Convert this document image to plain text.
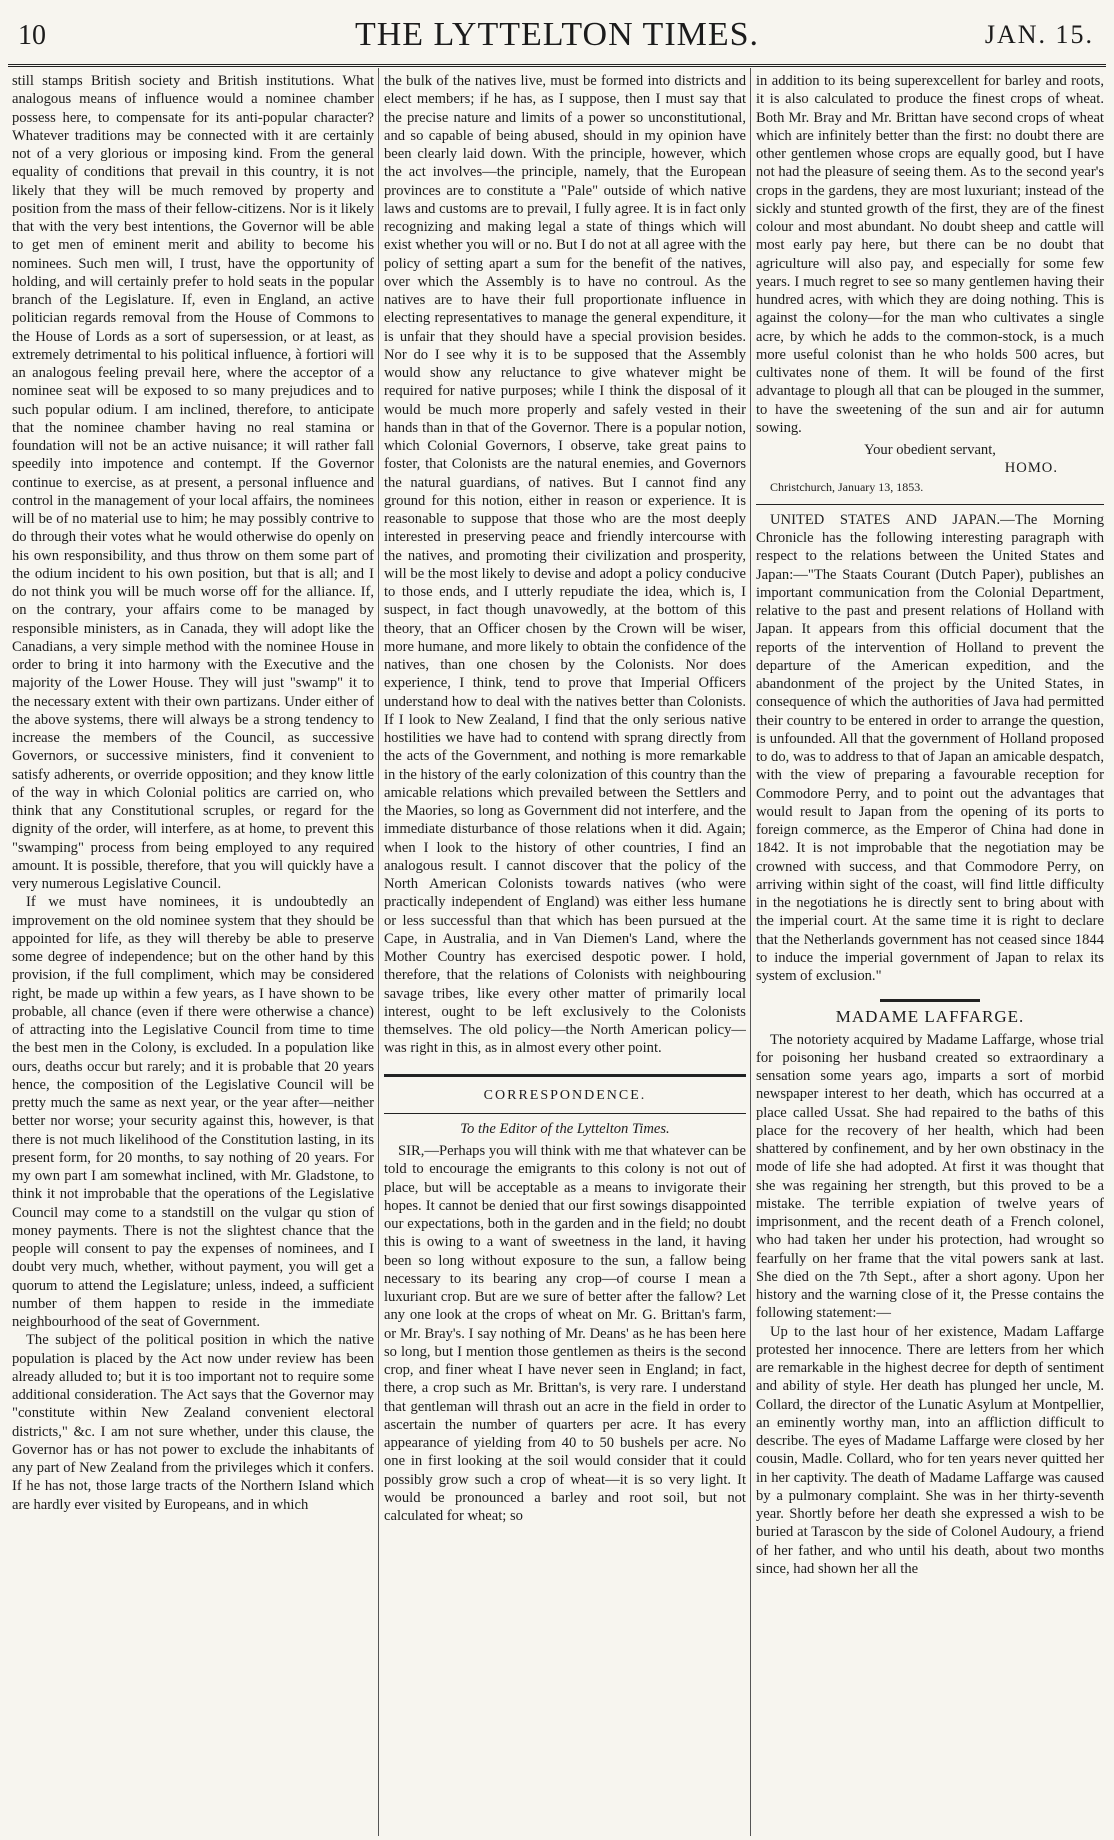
10	THE LYTTELTON TIMES.	JAN. 15.

still stamps British society and British institutions. What analogous means of influence would a nominee chamber possess here, to compensate for its anti-popular character? Whatever traditions may be connected with it are certainly not of a very glorious or imposing kind. From the general equality of conditions that prevail in this country, it is not likely that they will be much removed by property and position from the mass of their fellow-citizens. Nor is it likely that with the very best intentions, the Governor will be able to get men of eminent merit and ability to become his nominees. Such men will, I trust, have the opportunity of holding, and will certainly prefer to hold seats in the popular branch of the Legislature. If, even in England, an active politician regards removal from the House of Commons to the House of Lords as a sort of supersession, or at least, as extremely detrimental to his political influence, à fortiori will an analogous feeling prevail here, where the acceptor of a nominee seat will be exposed to so many prejudices and to such popular odium. I am inclined, therefore, to anticipate that the nominee chamber having no real stamina or foundation will not be an active nuisance; it will rather fall speedily into impotence and contempt. If the Governor continue to exercise, as at present, a personal influence and control in the management of your local affairs, the nominees will be of no material use to him; he may possibly contrive to do through their votes what he would otherwise do openly on his own responsibility, and thus throw on them some part of the odium incident to his own position, but that is all; and I do not think you will be much worse off for the alliance. If, on the contrary, your affairs come to be managed by responsible ministers, as in Canada, they will adopt like the Canadians, a very simple method with the nominee House in order to bring it into harmony with the Executive and the majority of the Lower House. They will just "swamp" it to the necessary extent with their own partizans. Under either of the above systems, there will always be a strong tendency to increase the members of the Council, as successive Governors, or successive ministers, find it convenient to satisfy adherents, or override opposition; and they know little of the way in which Colonial politics are carried on, who think that any Constitutional scruples, or regard for the dignity of the order, will interfere, as at home, to prevent this "swamping" process from being employed to any required amount. It is possible, therefore, that you will quickly have a very numerous Legislative Council.

If we must have nominees, it is undoubtedly an improvement on the old nominee system that they should be appointed for life, as they will thereby be able to preserve some degree of independence; but on the other hand by this provision, if the full compliment, which may be considered right, be made up within a few years, as I have shown to be probable, all chance (even if there were otherwise a chance) of attracting into the Legislative Council from time to time the best men in the Colony, is excluded. In a population like ours, deaths occur but rarely; and it is probable that 20 years hence, the composition of the Legislative Council will be pretty much the same as next year, or the year after—neither better nor worse; your security against this, however, is that there is not much likelihood of the Constitution lasting, in its present form, for 20 months, to say nothing of 20 years. For my own part I am somewhat inclined, with Mr. Gladstone, to think it not improbable that the operations of the Legislative Council may come to a standstill on the vulgar qu stion of money payments. There is not the slightest chance that the people will consent to pay the expenses of nominees, and I doubt very much, whether, without payment, you will get a quorum to attend the Legislature; unless, indeed, a sufficient number of them happen to reside in the immediate neighbourhood of the seat of Government.

The subject of the political position in which the native population is placed by the Act now under review has been already alluded to; but it is too important not to require some additional consideration. The Act says that the Governor may "constitute within New Zealand convenient electoral districts," &c. I am not sure whether, under this clause, the Governor has or has not power to exclude the inhabitants of any part of New Zealand from the privileges which it confers. If he has not, those large tracts of the Northern Island which are hardly ever visited by Europeans, and in which

the bulk of the natives live, must be formed into districts and elect members; if he has, as I suppose, then I must say that the precise nature and limits of a power so unconstitutional, and so capable of being abused, should in my opinion have been clearly laid down. With the principle, however, which the act involves—the principle, namely, that the European provinces are to constitute a "Pale" outside of which native laws and customs are to prevail, I fully agree. It is in fact only recognizing and making legal a state of things which will exist whether you will or no. But I do not at all agree with the policy of setting apart a sum for the benefit of the natives, over which the Assembly is to have no controul. As the natives are to have their full proportionate influence in electing representatives to manage the general expenditure, it is unfair that they should have a special provision besides. Nor do I see why it is to be supposed that the Assembly would show any reluctance to give whatever might be required for native purposes; while I think the disposal of it would be much more properly and safely vested in their hands than in that of the Governor. There is a popular notion, which Colonial Governors, I observe, take great pains to foster, that Colonists are the natural enemies, and Governors the natural guardians, of natives. But I cannot find any ground for this notion, either in reason or experience. It is reasonable to suppose that those who are the most deeply interested in preserving peace and friendly intercourse with the natives, and promoting their civilization and prosperity, will be the most likely to devise and adopt a policy conducive to those ends, and I utterly repudiate the idea, which is, I suspect, in fact though unavowedly, at the bottom of this theory, that an Officer chosen by the Crown will be wiser, more humane, and more likely to obtain the confidence of the natives, than one chosen by the Colonists. Nor does experience, I think, tend to prove that Imperial Officers understand how to deal with the natives better than Colonists. If I look to New Zealand, I find that the only serious native hostilities we have had to contend with sprang directly from the acts of the Government, and nothing is more remarkable in the history of the early colonization of this country than the amicable relations which prevailed between the Settlers and the Maories, so long as Government did not interfere, and the immediate disturbance of those relations when it did. Again; when I look to the history of other countries, I find an analogous result. I cannot discover that the policy of the North American Colonists towards natives (who were practically independent of England) was either less humane or less successful than that which has been pursued at the Cape, in Australia, and in Van Diemen's Land, where the Mother Country has exercised despotic power. I hold, therefore, that the relations of Colonists with neighbouring savage tribes, like every other matter of primarily local interest, ought to be left exclusively to the Colonists themselves. The old policy—the North American policy—was right in this, as in almost every other point.

CORRESPONDENCE.

To the Editor of the Lyttelton Times.

SIR,—Perhaps you will think with me that whatever can be told to encourage the emigrants to this colony is not out of place, but will be acceptable as a means to invigorate their hopes. It cannot be denied that our first sowings disappointed our expectations, both in the garden and in the field; no doubt this is owing to a want of sweetness in the land, it having been so long without exposure to the sun, a fallow being necessary to its bearing any crop—of course I mean a luxuriant crop. But are we sure of better after the fallow? Let any one look at the crops of wheat on Mr. G. Brittan's farm, or Mr. Bray's. I say nothing of Mr. Deans' as he has been here so long, but I mention those gentlemen as theirs is the second crop, and finer wheat I have never seen in England; in fact, there, a crop such as Mr. Brittan's, is very rare. I understand that gentleman will thrash out an acre in the field in order to ascertain the number of quarters per acre. It has every appearance of yielding from 40 to 50 bushels per acre. No one in first looking at the soil would consider that it could possibly grow such a crop of wheat—it is so very light. It would be pronounced a barley and root soil, but not calculated for wheat; so

in addition to its being superexcellent for barley and roots, it is also calculated to produce the finest crops of wheat. Both Mr. Bray and Mr. Brittan have second crops of wheat which are infinitely better than the first: no doubt there are other gentlemen whose crops are equally good, but I have not had the pleasure of seeing them. As to the second year's crops in the gardens, they are most luxuriant; instead of the sickly and stunted growth of the first, they are of the finest colour and most abundant. No doubt sheep and cattle will most early pay here, but there can be no doubt that agriculture will also pay, and especially for some few years. I much regret to see so many gentlemen having their hundred acres, with which they are doing nothing. This is against the colony—for the man who cultivates a single acre, by which he adds to the common-stock, is a much more useful colonist than he who holds 500 acres, but cultivates none of them. It will be found of the first advantage to plough all that can be plouged in the summer, to have the sweetening of the sun and air for autumn sowing.

Your obedient servant,

HOMO.

Christchurch, January 13, 1853.

UNITED STATES AND JAPAN.—The Morning Chronicle has the following interesting paragraph with respect to the relations between the United States and Japan:—"The Staats Courant (Dutch Paper), publishes an important communication from the Colonial Department, relative to the past and present relations of Holland with Japan. It appears from this official document that the reports of the intervention of Holland to prevent the departure of the American expedition, and the abandonment of the project by the United States, in consequence of which the authorities of Java had permitted their country to be entered in order to arrange the question, is unfounded. All that the government of Holland proposed to do, was to address to that of Japan an amicable despatch, with the view of preparing a favourable reception for Commodore Perry, and to point out the advantages that would result to Japan from the opening of its ports to foreign commerce, as the Emperor of China had done in 1842. It is not improbable that the negotiation may be crowned with success, and that Commodore Perry, on arriving within sight of the coast, will find little difficulty in the negotiations he is directly sent to bring about with the imperial court. At the same time it is right to declare that the Netherlands government has not ceased since 1844 to induce the imperial government of Japan to relax its system of exclusion."

MADAME LAFFARGE.

The notoriety acquired by Madame Laffarge, whose trial for poisoning her husband created so extraordinary a sensation some years ago, imparts a sort of morbid newspaper interest to her death, which has occurred at a place called Ussat. She had repaired to the baths of this place for the recovery of her health, which had been shattered by confinement, and by her own obstinacy in the mode of life she had adopted. At first it was thought that she was regaining her strength, but this proved to be a mistake. The terrible expiation of twelve years of imprisonment, and the recent death of a French colonel, who had taken her under his protection, had wrought so fearfully on her frame that the vital powers sank at last. She died on the 7th Sept., after a short agony. Upon her history and the warning close of it, the Presse contains the following statement:—

Up to the last hour of her existence, Madam Laffarge protested her innocence. There are letters from her which are remarkable in the highest decree for depth of sentiment and ability of style. Her death has plunged her uncle, M. Collard, the director of the Lunatic Asylum at Montpellier, an eminently worthy man, into an affliction difficult to describe. The eyes of Madame Laffarge were closed by her cousin, Madle. Collard, who for ten years never quitted her in her captivity. The death of Madame Laffarge was caused by a pulmonary complaint. She was in her thirty-seventh year. Shortly before her death she expressed a wish to be buried at Tarascon by the side of Colonel Audoury, a friend of her father, and who until his death, about two months since, had shown her all the
